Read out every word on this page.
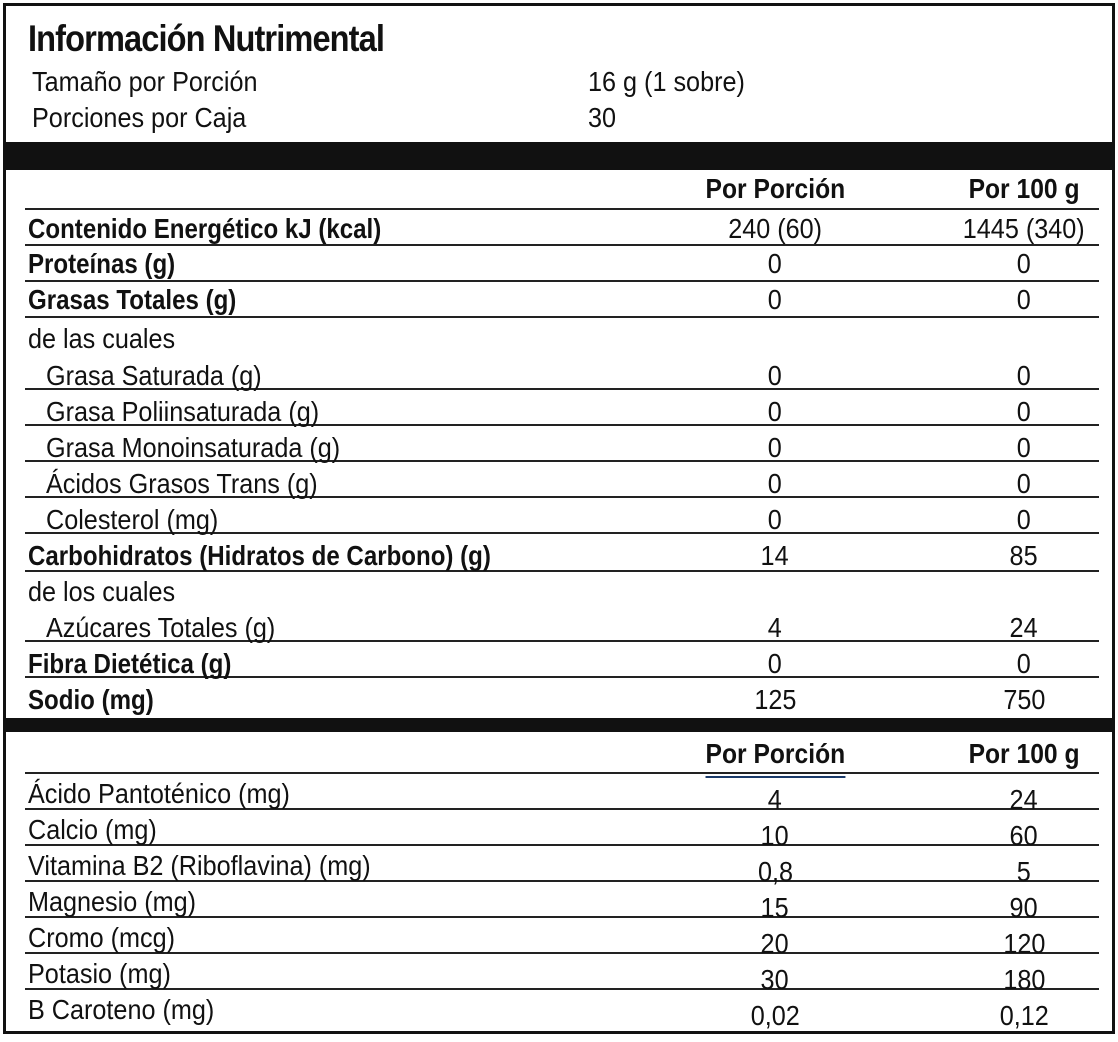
Información Nutrimental
Tamaño por Porción	16 g (1 sobre)
Porciones por Caja	30
Por Porción	Por 100 g
Contenido Energético kJ (kcal)	240 (60)	1445 (340)
Proteínas (g)	0	0
Grasas Totales (g)	0	0
de las cuales
Grasa Saturada (g)	0	0
Grasa Poliinsaturada (g)	0	0
Grasa Monoinsaturada (g)	0	0
Ácidos Grasos Trans (g)	0	0
Colesterol (mg)	0	0
Carbohidratos (Hidratos de Carbono) (g)	14	85
de los cuales
Azúcares Totales (g)	4	24
Fibra Dietética (g)	0	0
Sodio (mg)	125	750
Por Porción	Por 100 g
Ácido Pantoténico (mg)	4	24
Calcio (mg)	10	60
Vitamina B2 (Riboflavina) (mg)	0,8	5
Magnesio (mg)	15	90
Cromo (mcg)	20	120
Potasio (mg)	30	180
B Caroteno (mg)	0,02	0,12
